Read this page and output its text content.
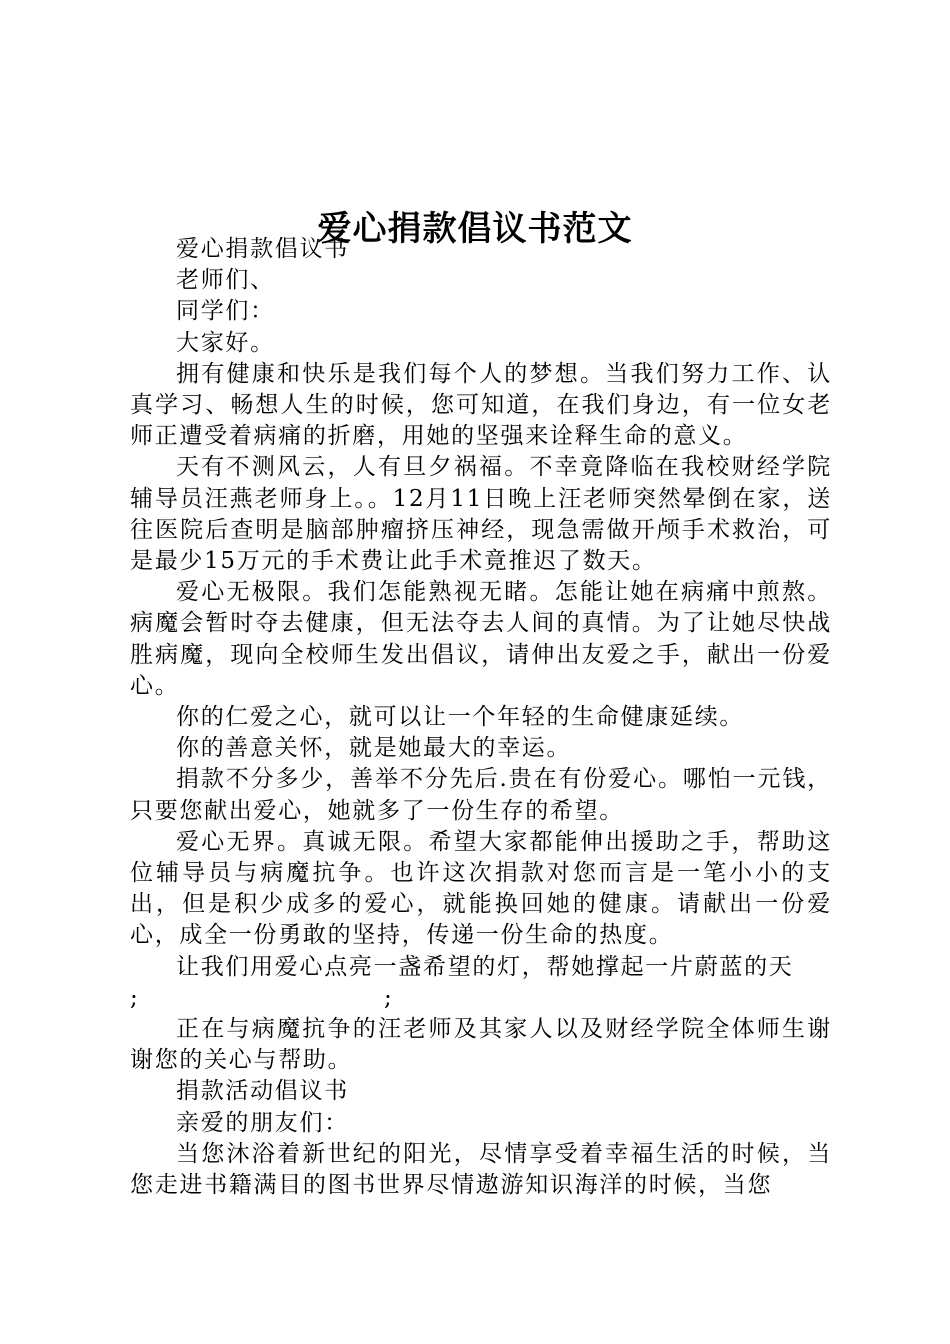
爱心捐款倡议书范文

爱心捐款倡议书

老师们、

同学们：

大家好。

拥有健康和快乐是我们每个人的梦想。当我们努力工作、认真学习、畅想人生的时候，您可知道，在我们身边，有一位女老师正遭受着病痛的折磨，用她的坚强来诠释生命的意义。

天有不测风云，人有旦夕祸福。不幸竟降临在我校财经学院辅导员汪燕老师身上。。12月11日晚上汪老师突然晕倒在家，送往医院后查明是脑部肿瘤挤压神经，现急需做开颅手术救治，可是最少15万元的手术费让此手术竟推迟了数天。

爱心无极限。我们怎能熟视无睹。怎能让她在病痛中煎熬。病魔会暂时夺去健康，但无法夺去人间的真情。为了让她尽快战胜病魔，现向全校师生发出倡议，请伸出友爱之手，献出一份爱心。

你的仁爱之心，就可以让一个年轻的生命健康延续。

你的善意关怀，就是她最大的幸运。

捐款不分多少，善举不分先后.贵在有份爱心。哪怕一元钱，只要您献出爱心，她就多了一份生存的希望。

爱心无界。真诚无限。希望大家都能伸出援助之手，帮助这位辅导员与病魔抗争。也许这次捐款对您而言是一笔小小的支出，但是积少成多的爱心，就能换回她的健康。请献出一份爱心，成全一份勇敢的坚持，传递一份生命的热度。

让我们用爱心点亮一盏希望的灯，帮她撑起一片蔚蓝的天

;	;

正在与病魔抗争的汪老师及其家人以及财经学院全体师生谢谢您的关心与帮助。

捐款活动倡议书

亲爱的朋友们：

当您沐浴着新世纪的阳光，尽情享受着幸福生活的时候，当您走进书籍满目的图书世界尽情遨游知识海洋的时候，当您
